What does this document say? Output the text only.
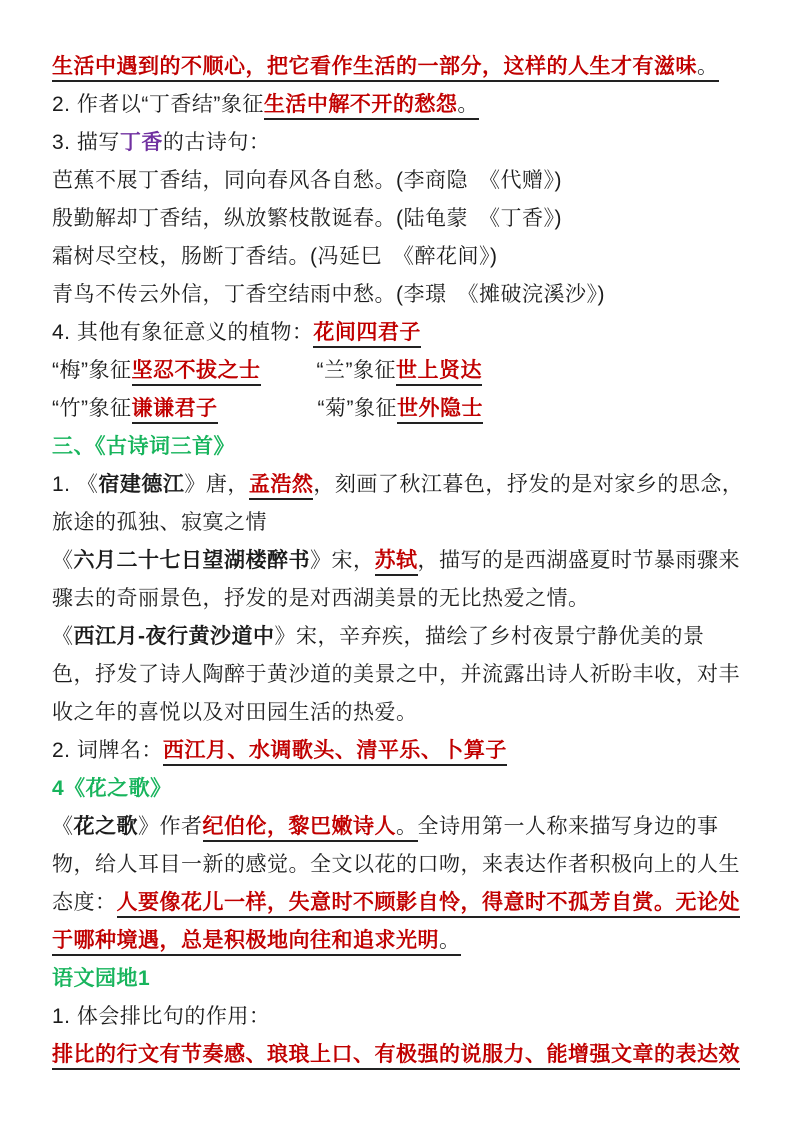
生活中遇到的不顺心，把它看作生活的一部分，这样的人生才有滋味。
2. 作者以“丁香结”象征生活中解不开的愁怨。
3. 描写丁香的古诗句：
芭蕉不展丁香结，同向春风各自愁。(李商隐　《代赠》)
殷勤解却丁香结，纵放繁枝散诞春。(陆龟蒙　《丁香》)
霜树尽空枝，肠断丁香结。(冯延巳　《醉花间》)
青鸟不传云外信，丁香空结雨中愁。(李璟　《摊破浣溪沙》)
4. 其他有象征意义的植物：花间四君子
“梅”象征坚忍不拔之士	“兰”象征世上贤达
“竹”象征谦谦君子	“菊”象征世外隐士
三、《古诗词三首》
1. 《宿建德江》唐，孟浩然，刻画了秋江暮色，抒发的是对家乡的思念，
旅途的孤独、寂寞之情
《六月二十七日望湖楼醉书》宋，苏轼，描写的是西湖盛夏时节暴雨骤来
骤去的奇丽景色，抒发的是对西湖美景的无比热爱之情。
《西江月-夜行黄沙道中》宋，辛弃疾，描绘了乡村夜景宁静优美的景
色，抒发了诗人陶醉于黄沙道的美景之中，并流露出诗人祈盼丰收，对丰
收之年的喜悦以及对田园生活的热爱。
2. 词牌名：西江月、水调歌头、清平乐、卜算子
4《花之歌》
《花之歌》作者纪伯伦，黎巴嫩诗人。全诗用第一人称来描写身边的事
物，给人耳目一新的感觉。全文以花的口吻，来表达作者积极向上的人生
态度：人要像花儿一样，失意时不顾影自怜，得意时不孤芳自赏。无论处
于哪种境遇，总是积极地向往和追求光明。
语文园地1
1. 体会排比句的作用：
排比的行文有节奏感、琅琅上口、有极强的说服力、能增强文章的表达效
